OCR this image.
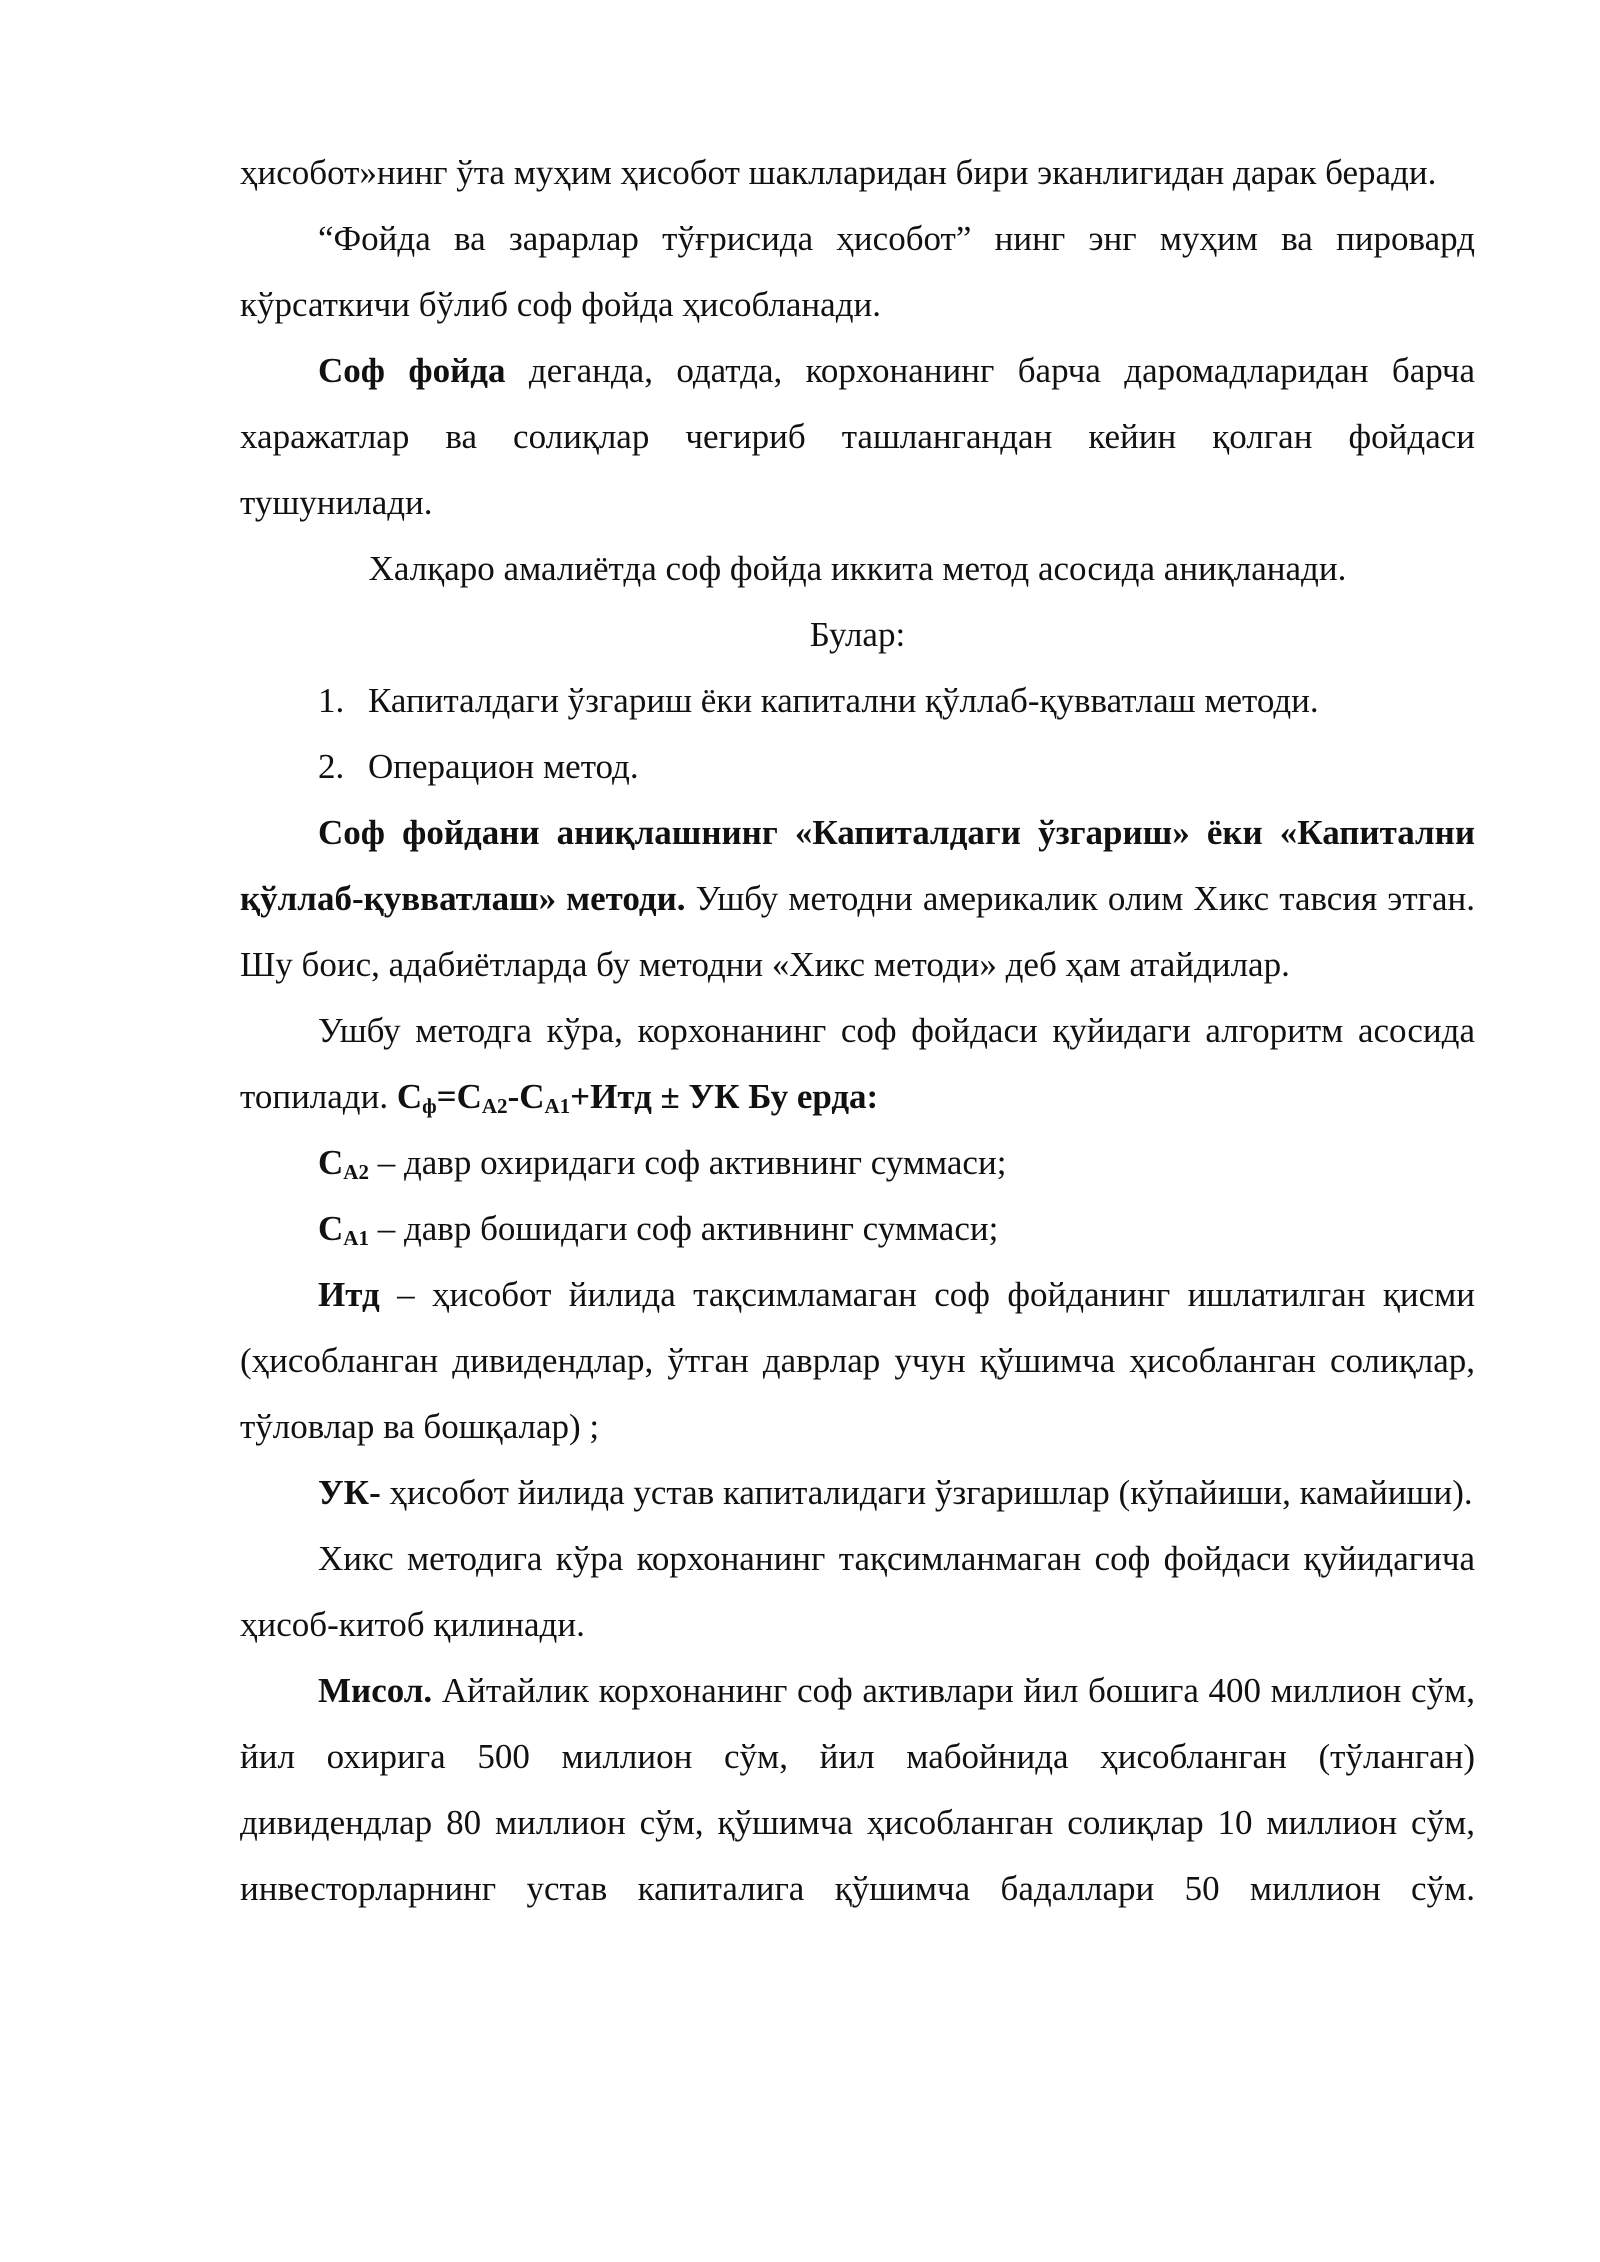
ҳисобот»нинг ўта муҳим ҳисобот шаклларидан бири эканлигидан дарак беради.

“Фойда ва зарарлар тўғрисида ҳисобот” нинг энг муҳим ва пировард кўрсаткичи бўлиб соф фойда ҳисобланади.

Соф фойда деганда, одатда, корхонанинг барча даромадларидан барча харажатлар ва солиқлар чегириб ташлангандан кейин қолган фойдаси тушунилади.

Халқаро амалиётда соф фойда иккита метод асосида аниқланади.

Булар:

1. Капиталдаги ўзгариш ёки капитални қўллаб-қувватлаш методи.

2. Операцион метод.

Соф фойдани аниқлашнинг «Капиталдаги ўзгариш» ёки «Капитални қўллаб-қувватлаш» методи. Ушбу методни америкалик олим Хикс тавсия этган. Шу боис, адабиётларда бу методни «Хикс методи» деб ҳам атайдилар.

Ушбу методга кўра, корхонанинг соф фойдаси қуйидаги алгоритм асосида топилади. $С_ф=С_{А2}-С_{А1}+Итд$ ± УК Бу ерда:

$С_{А2}$ – давр охиридаги соф активнинг суммаси;

$С_{А1}$ – давр бошидаги соф активнинг суммаси;

Итд – ҳисобот йилида тақсимламаган соф фойданинг ишлатилган қисми (ҳисобланган дивидендлар, ўтган даврлар учун қўшимча ҳисобланган солиқлар, тўловлар ва бошқалар) ;

УК- ҳисобот йилида устав капиталидаги ўзгаришлар (кўпайиши, камайиши).

Хикс методига кўра корхонанинг тақсимланмаган соф фойдаси қуйидагича ҳисоб-китоб қилинади.

Мисол. Айтайлик корхонанинг соф активлари йил бошига 400 миллион сўм, йил охирига 500 миллион сўм, йил мабойнида ҳисобланган (тўланган) дивидендлар 80 миллион сўм, қўшимча ҳисобланган солиқлар 10 миллион сўм, инвесторларнинг устав капиталига қўшимча бадаллари 50 миллион сўм.
